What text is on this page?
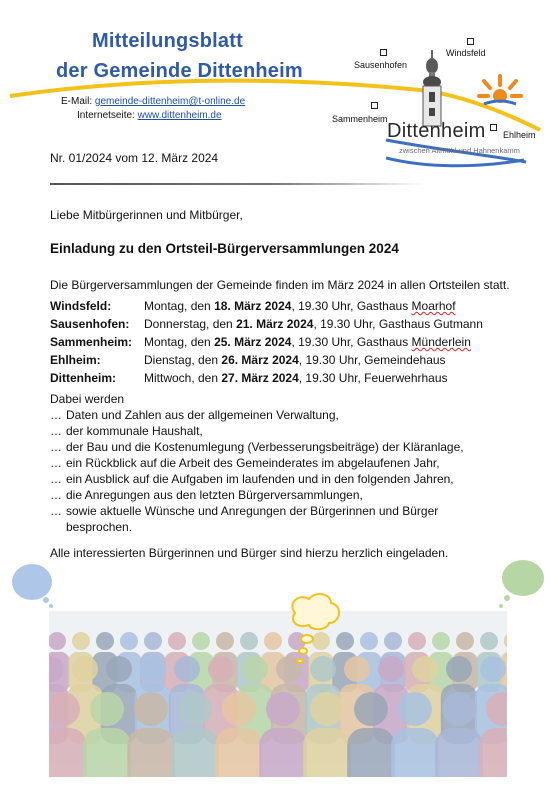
Mitteilungsblatt
der Gemeinde Dittenheim
E-Mail: gemeinde-dittenheim@t-online.de
Internetseite: www.dittenheim.de
Sausenhofen
Windsfeld
Sammenheim
Ehlheim
Dittenheim
zwischen Altmühl und Hahnenkamm
Nr. 01/2024 vom 12. März 2024
Liebe Mitbürgerinnen und Mitbürger,
Einladung zu den Ortsteil-Bürgerversammlungen 2024
Die Bürgerversammlungen der Gemeinde finden im März 2024 in allen Ortsteilen statt.
Windsfeld:	Montag, den 18. März 2024, 19.30 Uhr, Gasthaus Moarhof
Sausenhofen: Donnerstag, den 21. März 2024, 19.30 Uhr, Gasthaus Gutmann
Sammenheim: Montag, den 25. März 2024, 19.30 Uhr, Gasthaus Münderlein
Ehlheim:	Dienstag, den 26. März 2024, 19.30 Uhr, Gemeindehaus
Dittenheim: Mittwoch, den 27. März 2024, 19.30 Uhr, Feuerwehrhaus
Dabei werden
… Daten und Zahlen aus der allgemeinen Verwaltung,
… der kommunale Haushalt,
… der Bau und die Kostenumlegung (Verbesserungsbeiträge) der Kläranlage,
… ein Rückblick auf die Arbeit des Gemeinderates im abgelaufenen Jahr,
… ein Ausblick auf die Aufgaben im laufenden und in den folgenden Jahren,
… die Anregungen aus den letzten Bürgerversammlungen,
… sowie aktuelle Wünsche und Anregungen der Bürgerinnen und Bürger
besprochen.
Alle interessierten Bürgerinnen und Bürger sind hierzu herzlich eingeladen.
